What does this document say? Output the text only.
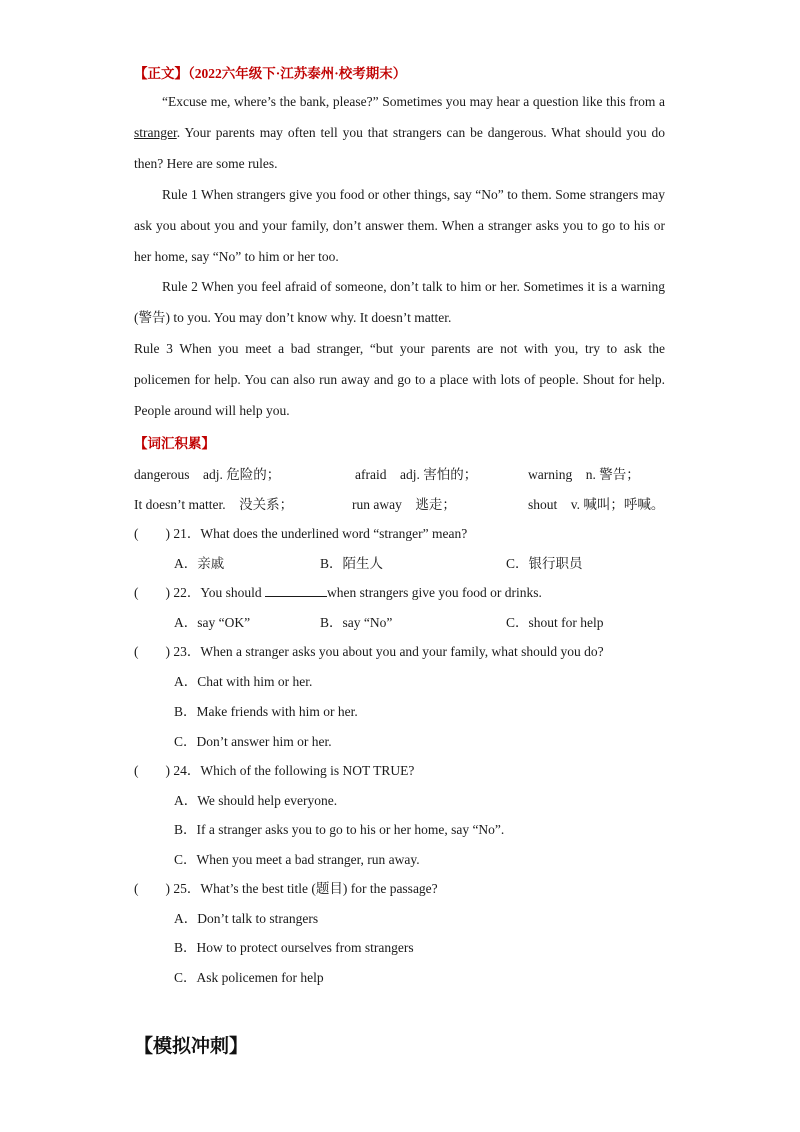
【正文】（2022六年级下·江苏泰州·校考期末）

“Excuse me, where’s the bank, please?” Sometimes you may hear a question like this from a stranger. Your parents may often tell you that strangers can be dangerous. What should you do then? Here are some rules.

Rule 1 When strangers give you food or other things, say “No” to them. Some strangers may ask you about you and your family, don’t answer them. When a stranger asks you to go to his or her home, say “No” to him or her too.

Rule 2 When you feel afraid of someone, don’t talk to him or her. Sometimes it is a warning (警告) to you. You may don’t know why. It doesn’t matter.

Rule 3 When you meet a bad stranger, “but your parents are not with you, try to ask the policemen for help. You can also run away and go to a place with lots of people. Shout for help. People around will help you.

【词汇积累】
dangerous　adj. 危险的；	afraid　adj. 害怕的；	warning　n. 警告；
It doesn’t matter.　没关系；	run away　逃走；	shout　v. 喊叫；呼喊。
(　　) 21．What does the underlined word “stranger” mean?
A．亲戚	B．陌生人	C．银行职员
(　　) 22．You should	when strangers give you food or drinks.
A．say “OK”	B．say “No”	C．shout for help
(　　) 23．When a stranger asks you about you and your family, what should you do?
A．Chat with him or her.
B．Make friends with him or her.
C．Don’t answer him or her.
(　　) 24．Which of the following is NOT TRUE?
A．We should help everyone.
B．If a stranger asks you to go to his or her home, say “No”.
C．When you meet a bad stranger, run away.
(　　) 25．What’s the best title (题目) for the passage?
A．Don’t talk to strangers
B．How to protect ourselves from strangers
C．Ask policemen for help
【模拟冲刺】
